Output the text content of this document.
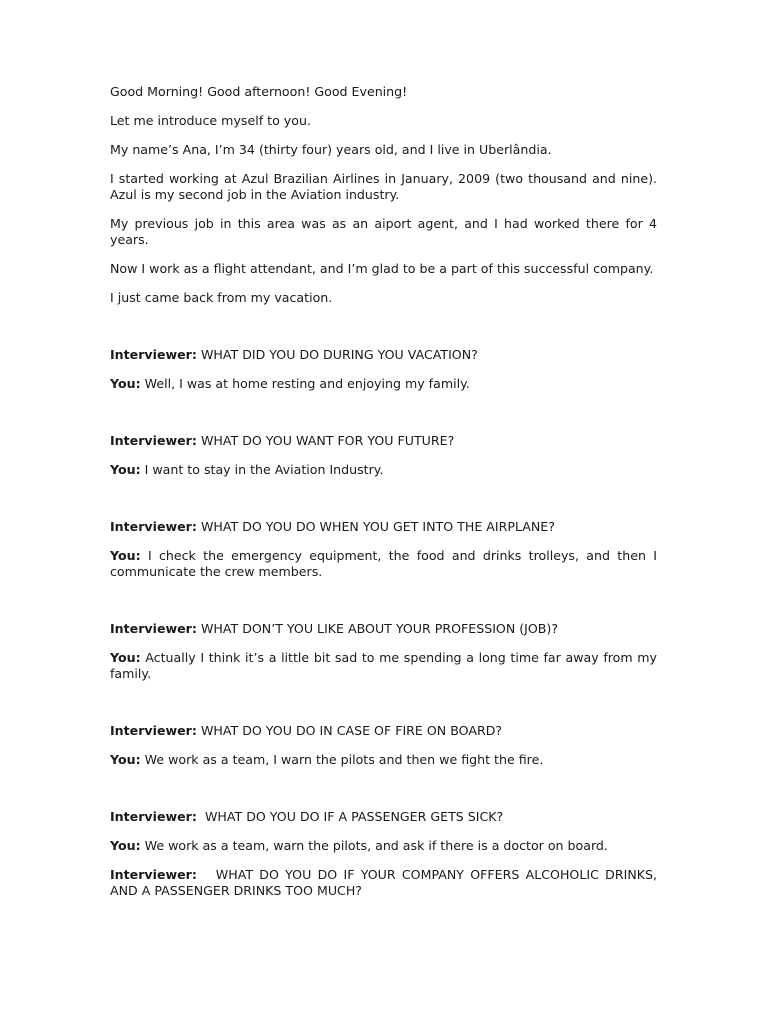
Good Morning! Good afternoon! Good Evening!

Let me introduce myself to you.

My name’s Ana, I’m 34 (thirty four) years old, and I live in Uberlândia.

I started working at Azul Brazilian Airlines in January, 2009 (two thousand and nine). Azul is my second job in the Aviation industry.

My previous job in this area was as an aiport agent, and I had worked there for 4 years.

Now I work as a flight attendant, and I’m glad to be a part of this successful company.

I just came back from my vacation.

Interviewer: WHAT DID YOU DO DURING YOU VACATION?

You: Well, I was at home resting and enjoying my family.

Interviewer: WHAT DO YOU WANT FOR YOU FUTURE?

You: I want to stay in the Aviation Industry.

Interviewer: WHAT DO YOU DO WHEN YOU GET INTO THE AIRPLANE?

You: I check the emergency equipment, the food and drinks trolleys, and then I communicate the crew members.

Interviewer: WHAT DON’T YOU LIKE ABOUT YOUR PROFESSION (JOB)?

You: Actually I think it’s a little bit sad to me spending a long time far away from my family.

Interviewer: WHAT DO YOU DO IN CASE OF FIRE ON BOARD?

You: We work as a team, I warn the pilots and then we fight the fire.

Interviewer: WHAT DO YOU DO IF A PASSENGER GETS SICK?

You: We work as a team, warn the pilots, and ask if there is a doctor on board.

Interviewer: WHAT DO YOU DO IF YOUR COMPANY OFFERS ALCOHOLIC DRINKS, AND A PASSENGER DRINKS TOO MUCH?
